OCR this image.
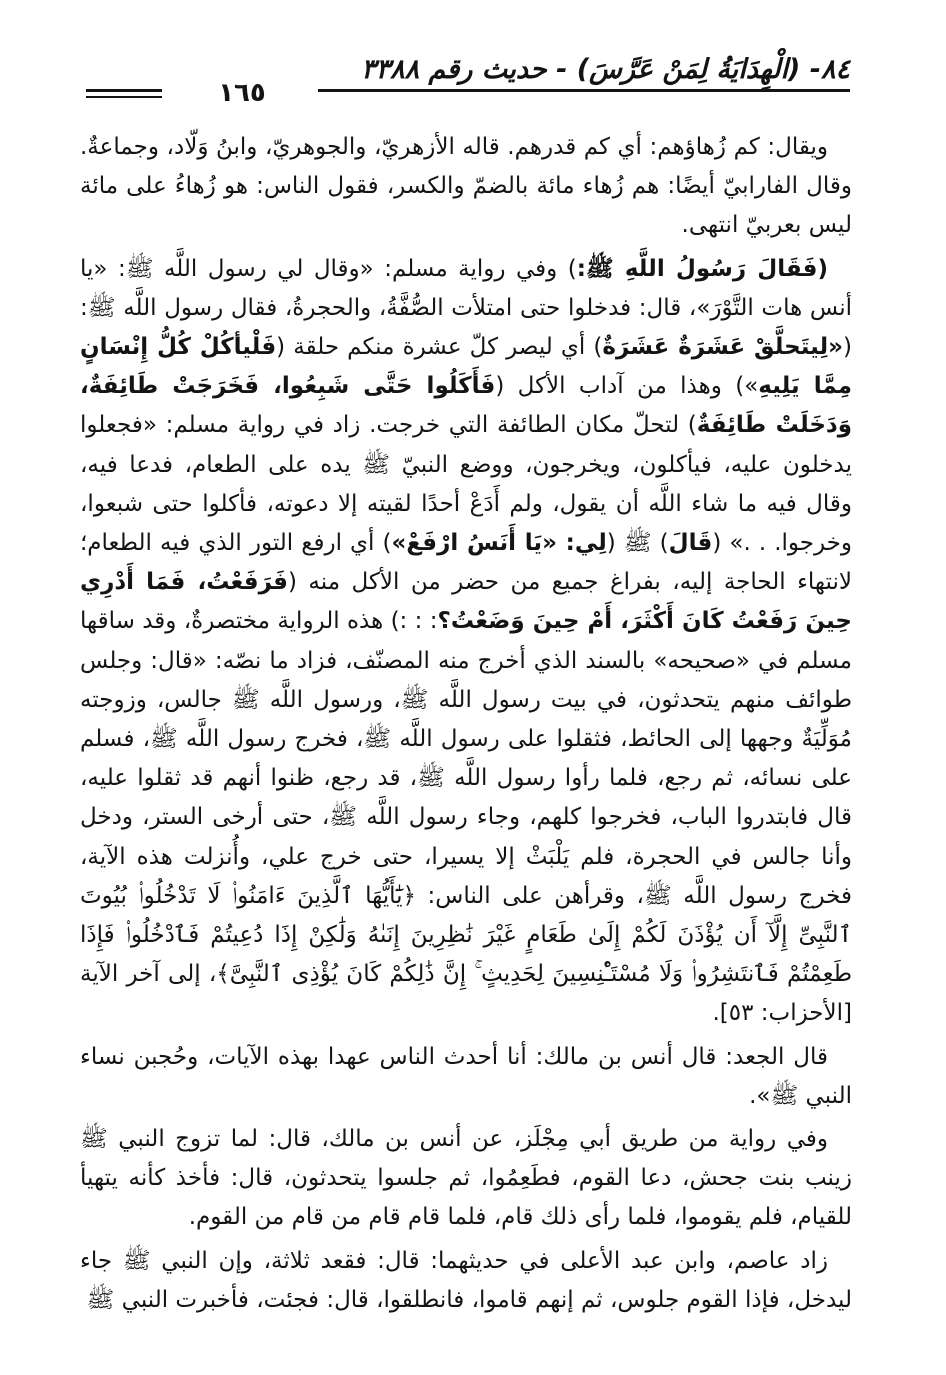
٨٤- (الْهِدَايَةُ لِمَنْ عَرَّسَ) - حديث رقم ٣٣٨٨
١٦٥

ويقال: كم زُهاؤهم: أي كم قدرهم. قاله الأزهريّ، والجوهريّ، وابنُ وَلّاد، وجماعةٌ. وقال الفارابيّ أيضًا: هم زُهاء مائة بالضمّ والكسر، فقول الناس: هو زُهاءُ على مائة ليس بعربيّ انتهى.

(فَقَالَ رَسُولُ اللَّهِ ﷺ:) وفي رواية مسلم: «وقال لي رسول اللَّه ﷺ: «يا أنس هات التَّوْرَ»، قال: فدخلوا حتى امتلأت الصُّفَّةُ، والحجرةُ، فقال رسول اللَّه ﷺ: («لِيتَحلَّقْ عَشَرَةٌ عَشَرَةٌ) أي ليصر كلّ عشرة منكم حلقة (فَلْيأكُلْ كُلُّ إِنْسَانٍ مِمَّا يَلِيهِ») وهذا من آداب الأكل (فَأَكَلُوا حَتَّى شَبِعُوا، فَخَرَجَتْ طَائِفَةٌ، وَدَخَلَتْ طَائِفَةٌ) لتحلّ مكان الطائفة التي خرجت. زاد في رواية مسلم: «فجعلوا يدخلون عليه، فيأكلون، ويخرجون، ووضع النبيّ ﷺ يده على الطعام، فدعا فيه، وقال فيه ما شاء اللَّه أن يقول، ولم أَدَعْ أحدًا لقيته إلا دعوته، فأكلوا حتى شبعوا، وخرجوا. . .» (قَالَ) ﷺ (لِي: «يَا أَنَسُ ارْفَعْ») أي ارفع التور الذي فيه الطعام؛ لانتهاء الحاجة إليه، بفراغ جميع من حضر من الأكل منه (فَرَفَعْتُ، فَمَا أَدْرِي حِينَ رَفَعْتُ كَانَ أَكْثَرَ، أَمْ حِينَ وَضَعْتُ؟: : :) هذه الرواية مختصرةٌ، وقد ساقها مسلم في «صحيحه» بالسند الذي أخرج منه المصنّف، فزاد ما نصّه: «قال: وجلس طوائف منهم يتحدثون، في بيت رسول اللَّه ﷺ، ورسول اللَّه ﷺ جالس، وزوجته مُوَلِّيَةٌ وجهها إلى الحائط، فثقلوا على رسول اللَّه ﷺ، فخرج رسول اللَّه ﷺ، فسلم على نسائه، ثم رجع، فلما رأوا رسول اللَّه ﷺ، قد رجع، ظنوا أنهم قد ثقلوا عليه، قال فابتدروا الباب، فخرجوا كلهم، وجاء رسول اللَّه ﷺ، حتى أرخى الستر، ودخل وأنا جالس في الحجرة، فلم يَلْبَثْ إلا يسيرا، حتى خرج علي، وأُنزلت هذه الآية، فخرج رسول اللَّه ﷺ، وقرأهن على الناس: ﴿يَٰٓأَيُّهَا ٱلَّذِينَ ءَامَنُوا۟ لَا تَدْخُلُوا۟ بُيُوتَ ٱلنَّبِىِّ إِلَّآ أَن يُؤْذَنَ لَكُمْ إِلَىٰ طَعَامٍ غَيْرَ نَٰظِرِينَ إِنَىٰهُ وَلَٰكِنْ إِذَا دُعِيتُمْ فَٱدْخُلُوا۟ فَإِذَا طَعِمْتُمْ فَٱنتَشِرُوا۟ وَلَا مُسْتَـْٔنِسِينَ لِحَدِيثٍ ۚ إِنَّ ذَٰلِكُمْ كَانَ يُؤْذِى ٱلنَّبِىَّ﴾، إلى آخر الآية [الأحزاب: ٥٣].

قال الجعد: قال أنس بن مالك: أنا أحدث الناس عهدا بهذه الآيات، وحُجبن نساء النبي ﷺ».

وفي رواية من طريق أبي مِجْلَز، عن أنس بن مالك، قال: لما تزوج النبي ﷺ زينب بنت جحش، دعا القوم، فطَعِمُوا، ثم جلسوا يتحدثون، قال: فأخذ كأنه يتهيأ للقيام، فلم يقوموا، فلما رأى ذلك قام، فلما قام قام من قام من القوم.

زاد عاصم، وابن عبد الأعلى في حديثهما: قال: فقعد ثلاثة، وإن النبي ﷺ جاء ليدخل، فإذا القوم جلوس، ثم إنهم قاموا، فانطلقوا، قال: فجئت، فأخبرت النبي ﷺ
